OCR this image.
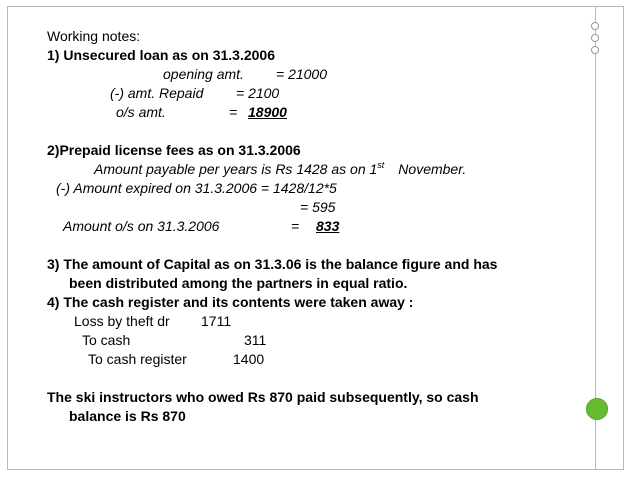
Working notes:
1) Unsecured loan as on 31.3.2006
opening amt. = 21000
(-) amt. Repaid = 2100
o/s amt.	= 18900
2)Prepaid license fees as on 31.3.2006
Amount payable per years is Rs 1428 as on 1st November.
(-) Amount expired on 31.3.2006 = 1428/12*5
= 595
Amount o/s on 31.3.2006	= 833
3) The amount of Capital as on 31.3.06 is the balance figure and has
been distributed among the partners in equal ratio.
4) The cash register and its contents were taken away :
Loss by theft dr 1711
To cash	311
To cash register	1400
The ski instructors who owed Rs 870 paid subsequently, so cash
balance is Rs 870
